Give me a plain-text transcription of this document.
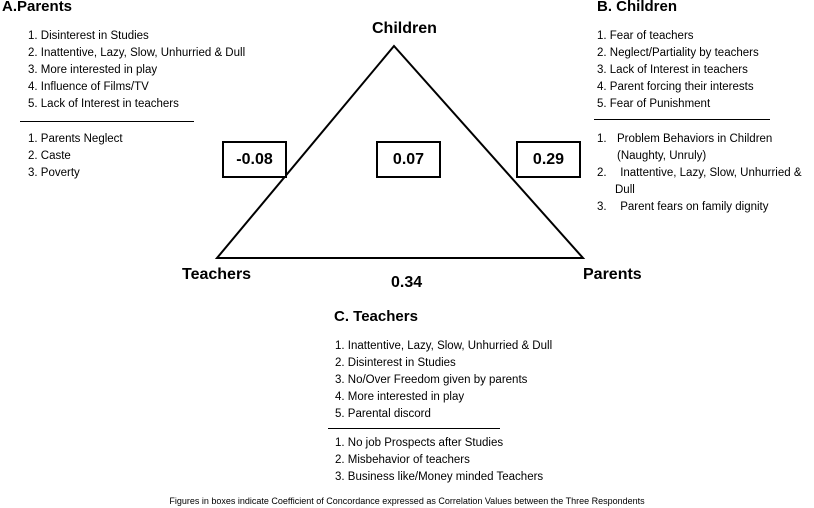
A.Parents
1. Disinterest in Studies
2. Inattentive, Lazy, Slow, Unhurried & Dull
3. More interested in play
4. Influence of Films/TV
5. Lack of Interest in teachers
1. Parents Neglect
2. Caste
3. Poverty
B. Children
1. Fear of teachers
2. Neglect/Partiality by teachers
3. Lack of Interest in teachers
4. Parent forcing their interests
5. Fear of Punishment
1. Problem Behaviors in Children
(Naughty, Unruly)
2. Inattentive, Lazy, Slow, Unhurried &
Dull
3. Parent fears on family dignity
Children
Teachers	Parents
-0.08	0.07	0.29
0.34
C. Teachers
1. Inattentive, Lazy, Slow, Unhurried & Dull
2. Disinterest in Studies
3. No/Over Freedom given by parents
4. More interested in play
5. Parental discord
1. No job Prospects after Studies
2. Misbehavior of teachers
3. Business like/Money minded Teachers
Figures in boxes indicate Coefficient of Concordance expressed as Correlation Values between the Three Respondents
